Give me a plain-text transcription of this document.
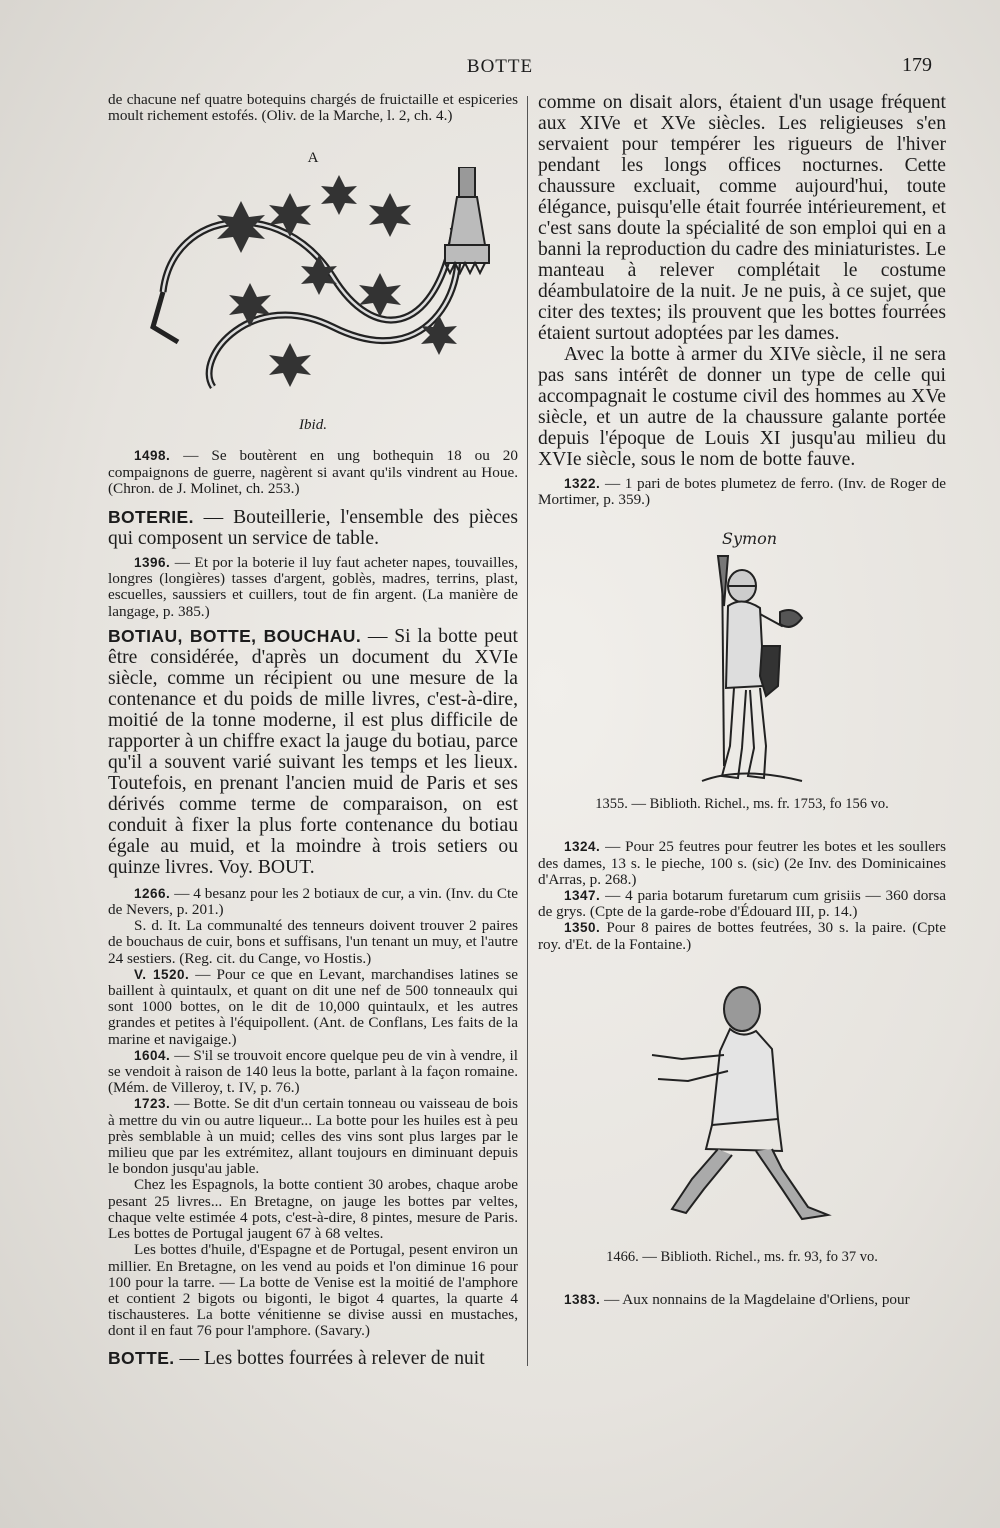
BOTTE	179

de chacune nef quatre botequins chargés de fruictaille et espiceries moult richement estofés. (Oliv. de la Marche, l. 2, ch. 4.)

A

Ibid.

1498. — Se boutèrent en ung bothequin 18 ou 20 compaignons de guerre, nagèrent si avant qu'ils vindrent au Houe. (Chron. de J. Molinet, ch. 253.)

BOTERIE. — Bouteillerie, l'ensemble des pièces qui composent un service de table.

1396. — Et por la boterie il luy faut acheter napes, touvailles, longres (longières) tasses d'argent, goblès, madres, terrins, plast, escuelles, saussiers et cuillers, tout de fin argent. (La manière de langage, p. 385.)

BOTIAU, BOTTE, BOUCHAU. — Si la botte peut être considérée, d'après un document du XVIe siècle, comme un récipient ou une mesure de la contenance et du poids de mille livres, c'est-à-dire, moitié de la tonne moderne, il est plus difficile de rapporter à un chiffre exact la jauge du botiau, parce qu'il a souvent varié suivant les temps et les lieux. Toutefois, en prenant l'ancien muid de Paris et ses dérivés comme terme de comparaison, on est conduit à fixer la plus forte contenance du botiau égale au muid, et la moindre à trois setiers ou quinze livres. Voy. BOUT.

1266. — 4 besanz pour les 2 botiaux de cur, a vin. (Inv. du Cte de Nevers, p. 201.)

S. d. It. La communalté des tenneurs doivent trouver 2 paires de bouchaus de cuir, bons et suffisans, l'un tenant un muy, et l'autre 24 sestiers. (Reg. cit. du Cange, vo Hostis.)

V. 1520. — Pour ce que en Levant, marchandises latines se baillent à quintaulx, et quant on dit une nef de 500 tonneaulx qui sont 1000 bottes, on le dit de 10,000 quintaulx, et les autres grandes et petites à l'équipollent. (Ant. de Conflans, Les faits de la marine et navigaige.)

1604. — S'il se trouvoit encore quelque peu de vin à vendre, il se vendoit à raison de 140 leus la botte, parlant à la façon romaine. (Mém. de Villeroy, t. IV, p. 76.)

1723. — Botte. Se dit d'un certain tonneau ou vaisseau de bois à mettre du vin ou autre liqueur... La botte pour les huiles est à peu près semblable à un muid; celles des vins sont plus larges par le milieu que par les extrémitez, allant toujours en diminuant depuis le bondon jusqu'au jable.

Chez les Espagnols, la botte contient 30 arobes, chaque arobe pesant 25 livres... En Bretagne, on jauge les bottes par veltes, chaque velte estimée 4 pots, c'est-à-dire, 8 pintes, mesure de Paris. Les bottes de Portugal jaugent 67 à 68 veltes.

Les bottes d'huile, d'Espagne et de Portugal, pesent environ un millier. En Bretagne, on les vend au poids et l'on diminue 16 pour 100 pour la tarre. — La botte de Venise est la moitié de l'amphore et contient 2 bigots ou bigonti, le bigot 4 quartes, la quarte 4 tischausteres. La botte vénitienne se divise aussi en mustaches, dont il en faut 76 pour l'amphore. (Savary.)

BOTTE. — Les bottes fourrées à relever de nuit

comme on disait alors, étaient d'un usage fréquent aux XIVe et XVe siècles. Les religieuses s'en servaient pour tempérer les rigueurs de l'hiver pendant les longs offices nocturnes. Cette chaussure excluait, comme aujourd'hui, toute élégance, puisqu'elle était fourrée intérieurement, et c'est sans doute la spécialité de son emploi qui en a banni la reproduction du cadre des miniaturistes. Le manteau à relever complétait le costume déambulatoire de la nuit. Je ne puis, à ce sujet, que citer des textes; ils prouvent que les bottes fourrées étaient surtout adoptées par les dames.

Avec la botte à armer du XIVe siècle, il ne sera pas sans intérêt de donner un type de celle qui accompagnait le costume civil des hommes au XVe siècle, et un autre de la chaussure galante portée depuis l'époque de Louis XI jusqu'au milieu du XVIe siècle, sous le nom de botte fauve.

1322. — 1 pari de botes plumetez de ferro. (Inv. de Roger de Mortimer, p. 359.)

Symon

1355. — Biblioth. Richel., ms. fr. 1753, fo 156 vo.

1324. — Pour 25 feutres pour feutrer les botes et les soullers des dames, 13 s. le pieche, 100 s. (sic) (2e Inv. des Dominicaines d'Arras, p. 268.)

1347. — 4 paria botarum furetarum cum grisiis — 360 dorsa de grys. (Cpte de la garde-robe d'Édouard III, p. 14.)

1350. Pour 8 paires de bottes feutrées, 30 s. la paire. (Cpte roy. d'Et. de la Fontaine.)

1466. — Biblioth. Richel., ms. fr. 93, fo 37 vo.

1383. — Aux nonnains de la Magdelaine d'Orliens, pour
